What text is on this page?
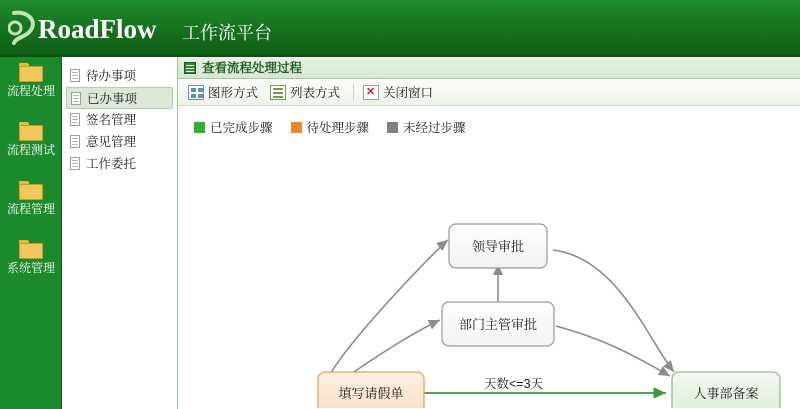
RoadFlow 工作流平台
流程处理
流程测试
流程管理
系统管理
待办事项
已办事项
签名管理
意见管理
工作委托
查看流程处理过程
图形方式	列表方式 ✕	关闭窗口
已完成步骤	待处理步骤	未经过步骤
天数<=3天
领导审批
部门主管审批
填写请假单	人事部备案
